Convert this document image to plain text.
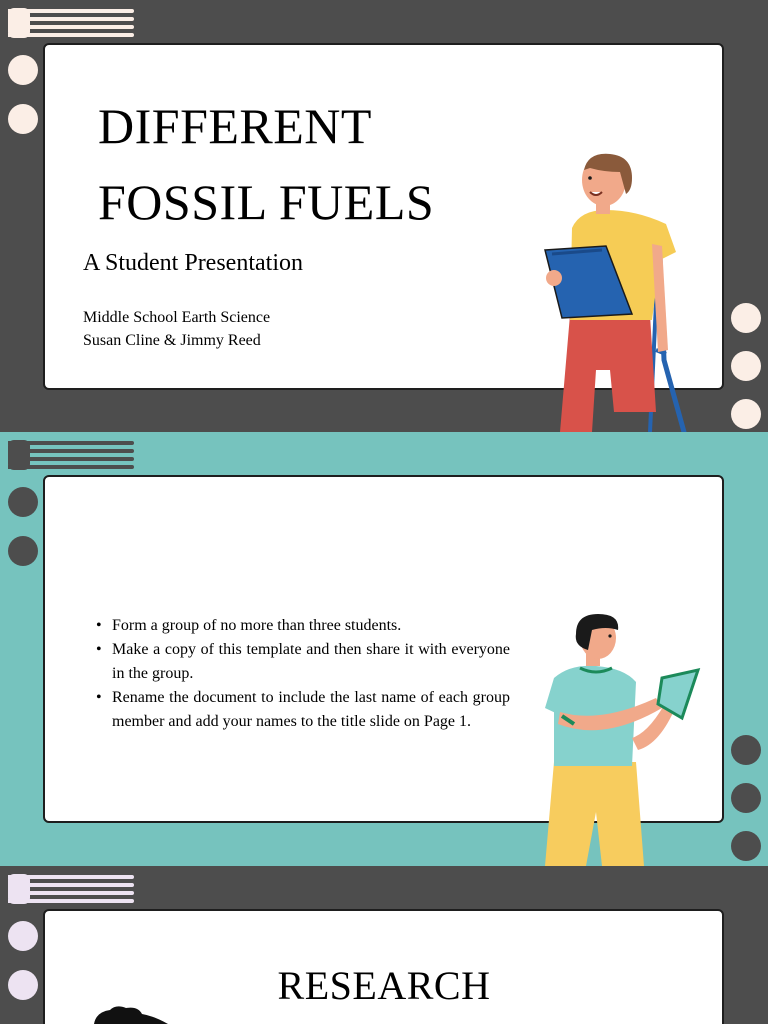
DIFFERENT
FOSSIL FUELS
A Student Presentation
Middle School Earth Science
Susan Cline & Jimmy Reed
• Form a group of no more than three students.
• Make a copy of this template and then share it with everyone in the group.
• Rename the document to include the last name of each group member and add your names to the title slide on Page 1.
RESEARCH
